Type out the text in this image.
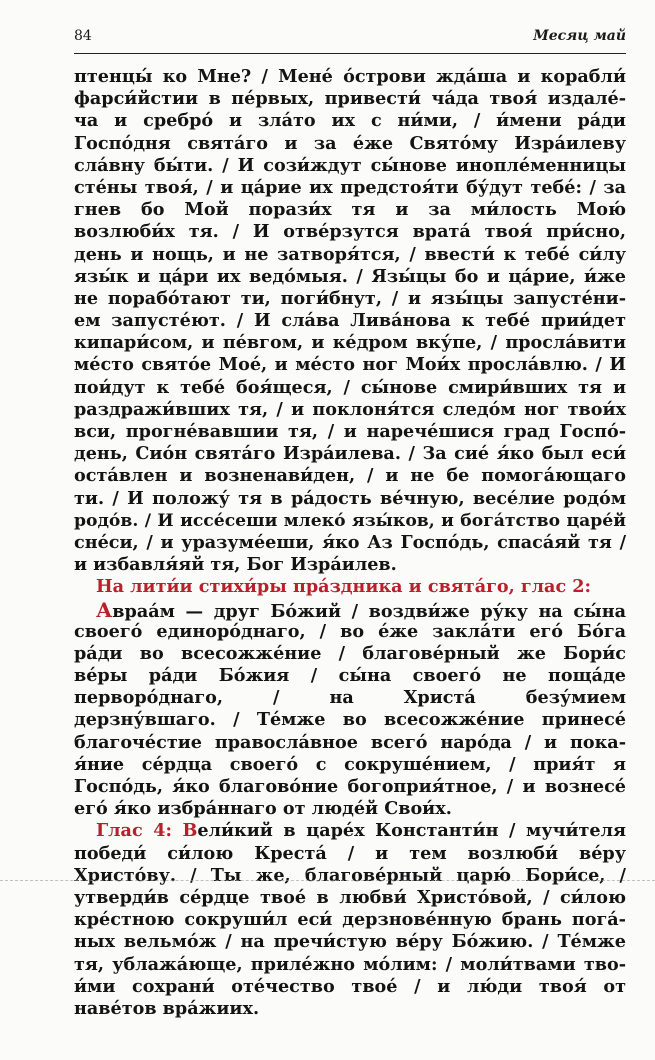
84	Месяц май
птенцы́ ко Мне? / Мене́ о́строви жда́ша и корабли́
фарси́йстии в пе́рвых, привести́ ча́да твоя́ издале́-
ча и сребро́ и зла́то их с ни́ми, / и́мени ра́ди
Госпо́дня свята́го и за е́же Свято́му Изра́илеву
сла́вну бы́ти. / И сози́ждут сы́нове инопле́менницы
сте́ны твоя́, / и ца́рие их предстоя́ти бу́дут тебе́: / за
гнев бо Мой порази́х тя и за ми́лость Мою́
возлюби́х тя. / И отве́рзутся врата́ твоя́ при́сно,
день и нощь, и не затворя́тся, / ввести́ к тебе́ си́лу
язы́к и ца́ри их ведо́мыя. / Язы́цы бо и ца́рие, и́же
не порабо́тают ти, поги́бнут, / и язы́цы запусте́ни-
ем запусте́ют. / И сла́ва Лива́нова к тебе́ прии́дет
кипари́сом, и пе́вгом, и ке́дром вку́пе, / просла́вити
ме́сто свято́е Мое́, и ме́сто ног Мои́х просла́влю. / И
пои́дут к тебе́ боя́щеся, / сы́нове смири́вших тя и
раздражи́вших тя, / и поклоня́тся следо́м ног твои́х
вси, прогне́вавшии тя, / и нарече́шися град Госпо́-
день, Сио́н свята́го Изра́илева. / За сие́ я́ко был еси́
оста́влен и возненави́ден, / и не бе помога́ющаго
ти. / И положу́ тя в ра́дость ве́чную, весе́лие родо́м
родо́в. / И иссе́сеши млеко́ язы́ков, и бога́тство царе́й
сне́си, / и уразуме́еши, я́ко Аз Госпо́дь, спаса́яй тя /
и избавля́яй тя, Бог Изра́илев.
На лити́и стихи́ры пра́здника и свята́го, глас 2:
Авраа́м — друг Бо́жий / воздви́же ру́ку на сы́на
своего́ единоро́днаго, / во е́же закла́ти его́ Бо́га
ра́ди во всесожже́ние / благове́рный же Бори́с
ве́ры ра́ди Бо́жия / сы́на своего́ не поща́де
перворо́днаго, / на Христа́ безу́мием
дерзну́вшаго. / Те́мже во всесожже́ние принесе́
благоче́стие правосла́вное всего́ наро́да / и пока-
я́ние се́рдца своего́ с сокруше́нием, / прия́т я
Госпо́дь, я́ко благово́ние богоприя́тное, / и вознесе́
его́ я́ко избра́ннаго от люде́й Свои́х.
Глас 4: Вели́кий в царе́х Константи́н / мучи́теля
победи́ си́лою Креста́ / и тем возлюби́ ве́ру
Христо́ву. / Ты же, благове́рный царю́ Бори́се, /
утверди́в се́рдце твое́ в любви́ Христо́вой, / си́лою
кре́стною сокруши́л еси́ дерзнове́нную брань пога́-
ных вельмо́ж / на пречи́стую ве́ру Бо́жию. / Те́мже
тя, ублажа́юще, приле́жно мо́лим: / моли́твами тво-
и́ми сохрани́ оте́чество твое́ / и лю́ди твоя́ от
наве́тов вра́жиих.
